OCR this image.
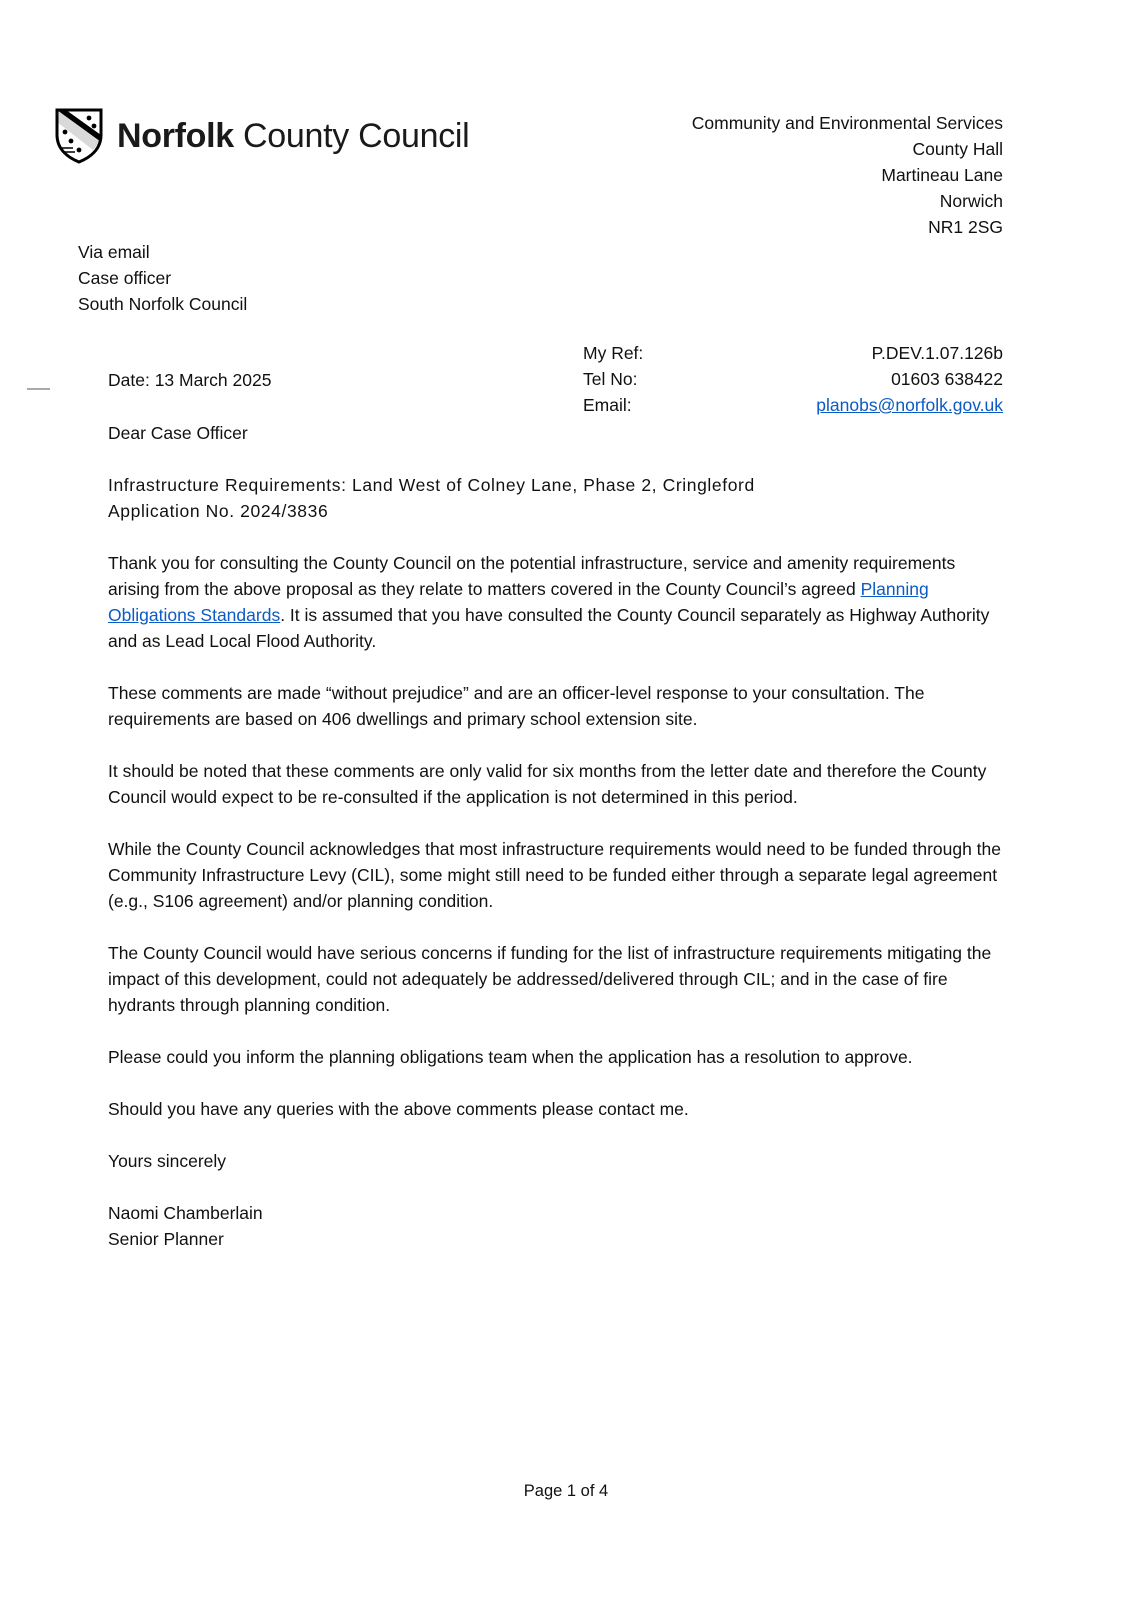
Norfolk County Council	Community and Environmental Services
County Hall
Martineau Lane
Norwich
NR1 2SG
Via email
Case officer
South Norfolk Council
Date: 13 March 2025
My Ref:	P.DEV.1.07.126b
Tel No:	01603 638422
Email:	planobs@norfolk.gov.uk
Dear Case Officer
Infrastructure Requirements: Land West of Colney Lane, Phase 2, Cringleford
Application No. 2024/3836
Thank you for consulting the County Council on the potential infrastructure, service and amenity requirements arising from the above proposal as they relate to matters covered in the County Council’s agreed Planning Obligations Standards. It is assumed that you have consulted the County Council separately as Highway Authority and as Lead Local Flood Authority.
These comments are made “without prejudice” and are an officer-level response to your consultation. The requirements are based on 406 dwellings and primary school extension site.
It should be noted that these comments are only valid for six months from the letter date and therefore the County Council would expect to be re-consulted if the application is not determined in this period.
While the County Council acknowledges that most infrastructure requirements would need to be funded through the Community Infrastructure Levy (CIL), some might still need to be funded either through a separate legal agreement (e.g., S106 agreement) and/or planning condition.
The County Council would have serious concerns if funding for the list of infrastructure requirements mitigating the impact of this development, could not adequately be addressed/delivered through CIL; and in the case of fire hydrants through planning condition.
Please could you inform the planning obligations team when the application has a resolution to approve.
Should you have any queries with the above comments please contact me.
Yours sincerely
Naomi Chamberlain
Senior Planner
Page 1 of 4
